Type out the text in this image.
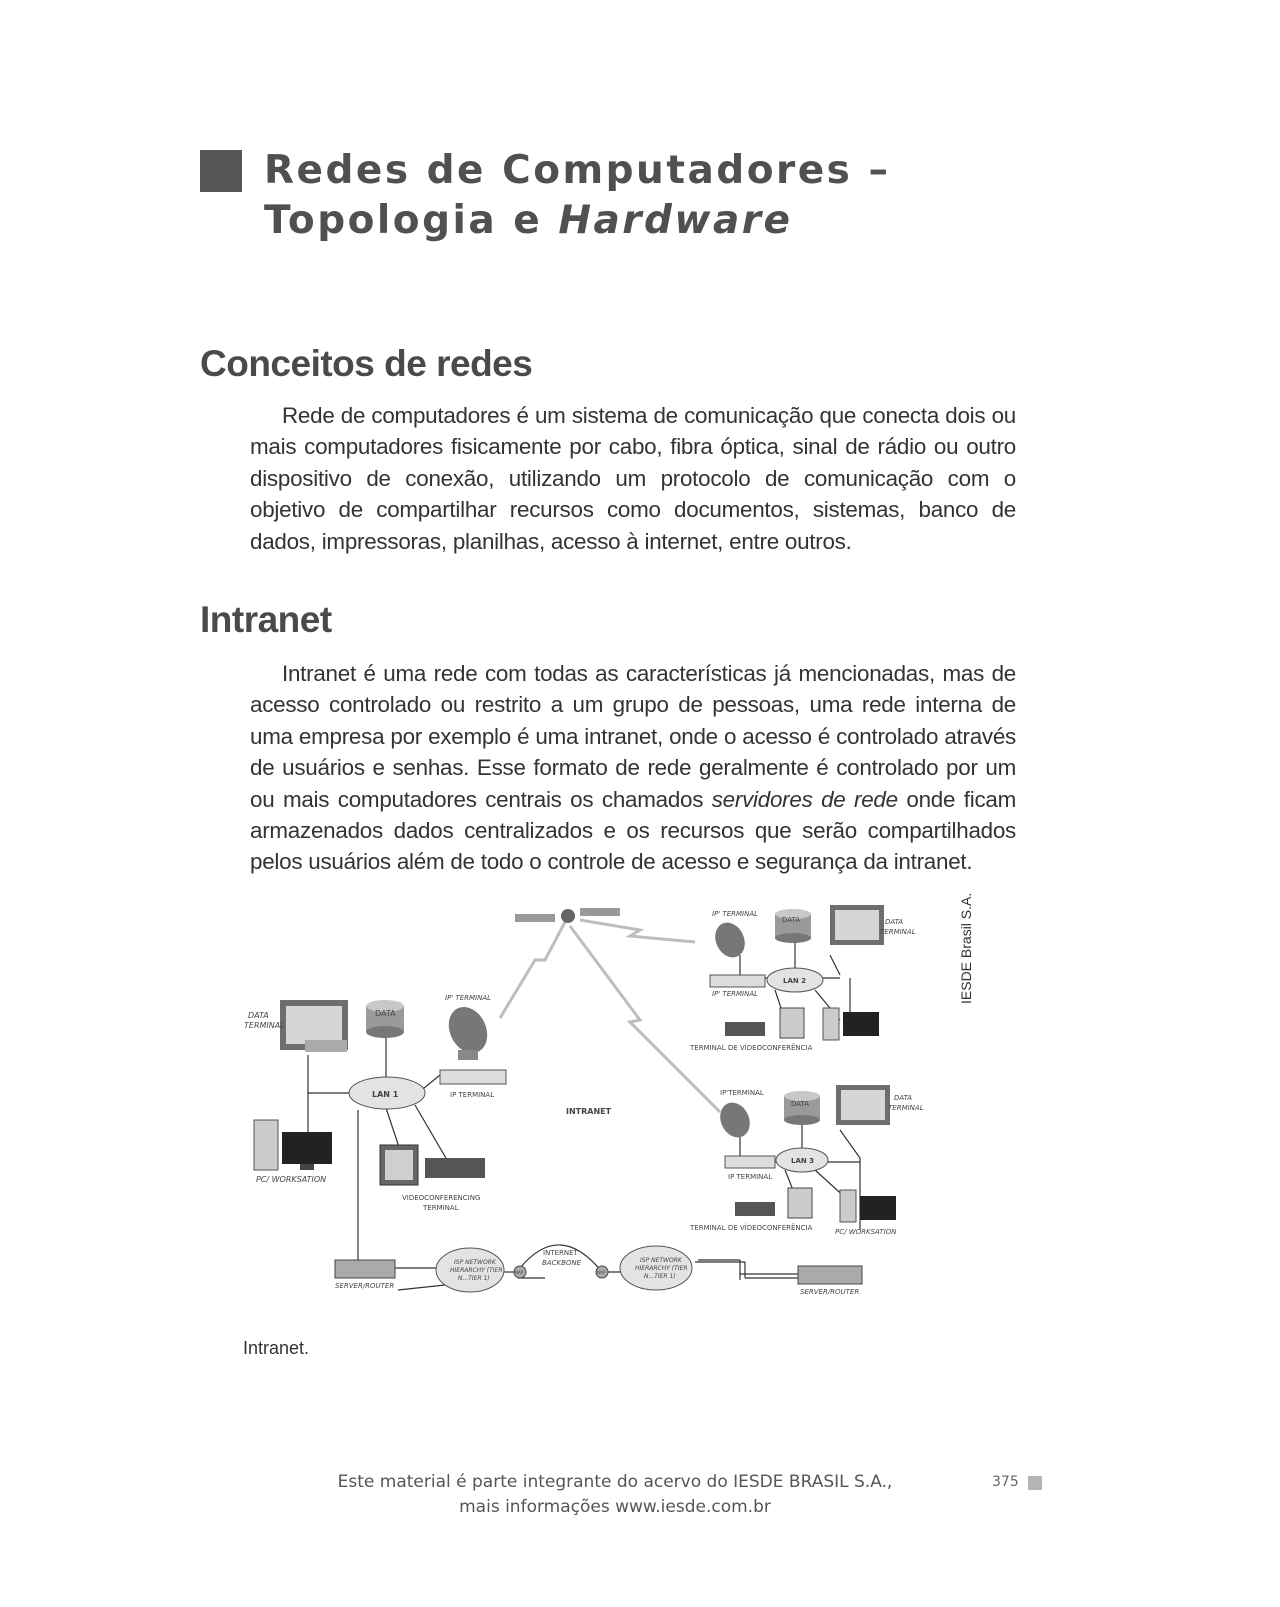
Redes de Computadores –
Topologia e Hardware
Conceitos de redes

Rede de computadores é um sistema de comunicação que conecta dois ou mais computadores fisicamente por cabo, fibra óptica, sinal de rádio ou outro dispositivo de conexão, utilizando um protocolo de comunicação com o objetivo de compartilhar recursos como documentos, sistemas, banco de dados, impressoras, planilhas, acesso à internet, entre outros.

Intranet

Intranet é uma rede com todas as características já mencionadas, mas de acesso controlado ou restrito a um grupo de pessoas, uma rede interna de uma empresa por exemplo é uma intranet, onde o acesso é controlado através de usuários e senhas. Esse formato de rede geralmente é controlado por um ou mais computadores centrais os chamados servidores de rede onde ficam armazenados dados centralizados e os recursos que serão compartilhados pelos usuários além de todo o controle de acesso e segurança da intranet.

DATA
TERMINAL
DATA
LAN 1
IP' TERMINAL
IP TERMINAL
PC/ WORKSATION
VIDEOCONFERENCING
TERMINAL
INTRANET
IP' TERMINAL
IP' TERMINAL
DATA	DATA
TERMINAL
LAN 2
TERMINAL DE VÍDEOCONFERÊNCIA
IP'TERMINAL
IP TERMINAL
DATA
DATA
TERMINAL
LAN 3
TERMINAL DE VÍDEOCONFERÊNCIA	PC/ WORKSATION
SERVER/ROUTER
ISP NETWORK
HIERARCHY (TIER
N...TIER 1)
NAP
INTERNET
BACKBONE
NAP
ISP NETWORK
HIERARCHY (TIER
N...TIER 1)
SERVER/ROUTER
IESDE Brasil S.A.

Intranet.

Este material é parte integrante do acervo do IESDE BRASIL S.A.,
mais informações www.iesde.com.br
375
